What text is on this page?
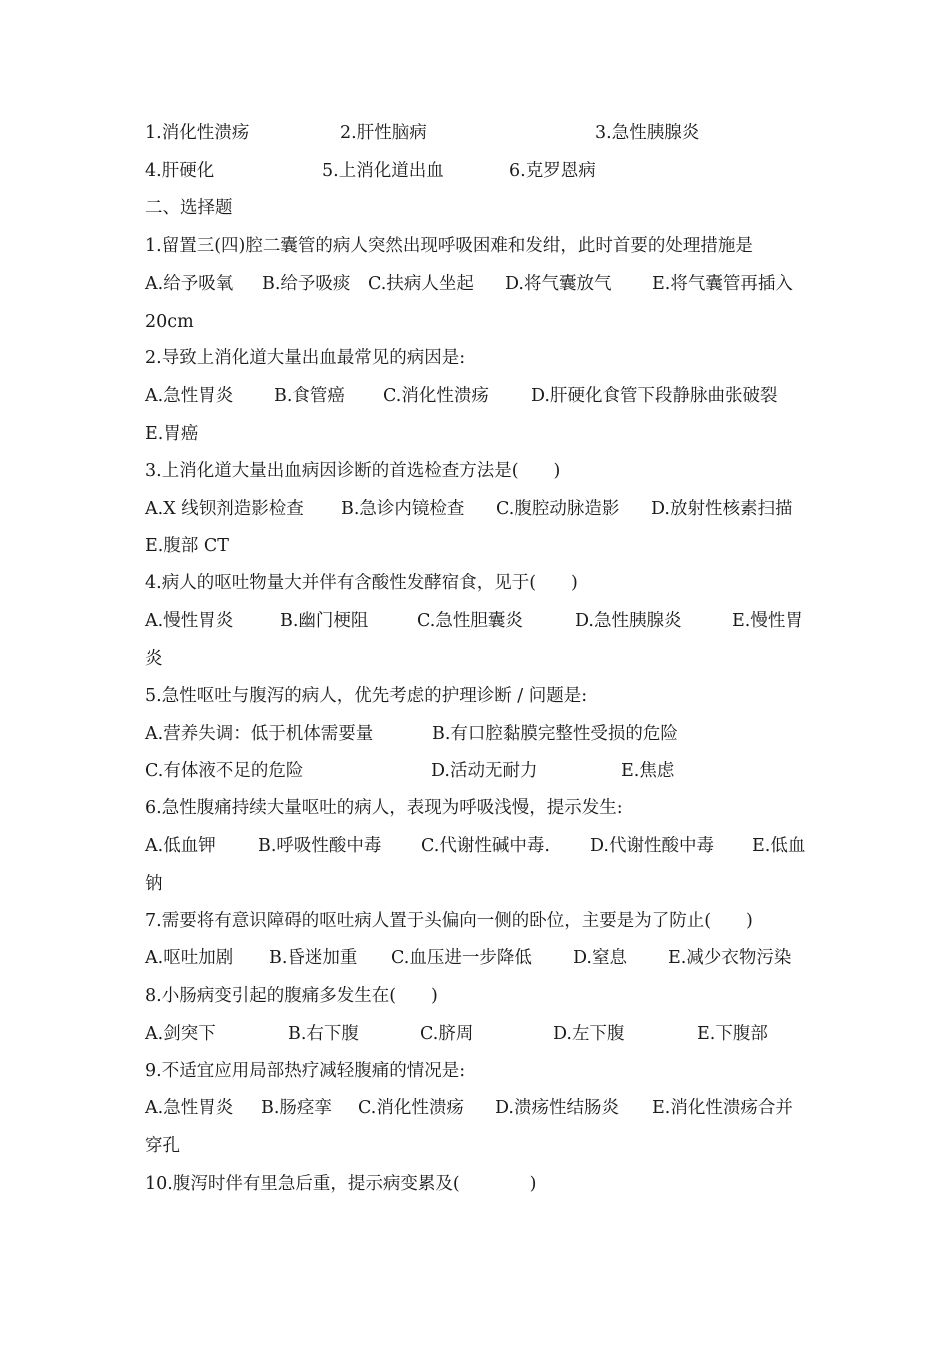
1.消化性溃疡	2.肝性脑病	3.急性胰腺炎
4.肝硬化	5.上消化道出血	6.克罗恩病
二、选择题
1.留置三(四)腔二囊管的病人突然出现呼吸困难和发绀，此时首要的处理措施是
A.给予吸氧 B.给予吸痰 C.扶病人坐起 D.将气囊放气 E.将气囊管再插入
20cm
2.导致上消化道大量出血最常见的病因是:
A.急性胃炎 B.食管癌 C.消化性溃疡 D.肝硬化食管下段静脉曲张破裂
E.胃癌
3.上消化道大量出血病因诊断的首选检查方法是(　　)
A.X 线钡剂造影检查 B.急诊内镜检查 C.腹腔动脉造影 D.放射性核素扫描
E.腹部 CT
4.病人的呕吐物量大并伴有含酸性发酵宿食，见于(　　)
A.慢性胃炎	B.幽门梗阻	C.急性胆囊炎	D.急性胰腺炎	E.慢性胃
炎
5.急性呕吐与腹泻的病人，优先考虑的护理诊断 / 问题是:
A.营养失调：低于机体需要量	B.有口腔黏膜完整性受损的危险
C.有体液不足的危险	D.活动无耐力	E.焦虑
6.急性腹痛持续大量呕吐的病人，表现为呼吸浅慢，提示发生:
A.低血钾 B.呼吸性酸中毒 C.代谢性碱中毒. D.代谢性酸中毒 E.低血
钠
7.需要将有意识障碍的呕吐病人置于头偏向一侧的卧位，主要是为了防止(　　)
A.呕吐加剧 B.昏迷加重 C.血压进一步降低 D.窒息 E.减少衣物污染
8.小肠病变引起的腹痛多发生在(　　)
A.剑突下	B.右下腹	C.脐周	D.左下腹	E.下腹部
9.不适宜应用局部热疗减轻腹痛的情况是:
A.急性胃炎 B.肠痉挛 C.消化性溃疡 D.溃疡性结肠炎 E.消化性溃疡合并
穿孔
10.腹泻时伴有里急后重，提示病变累及(　　　　)
